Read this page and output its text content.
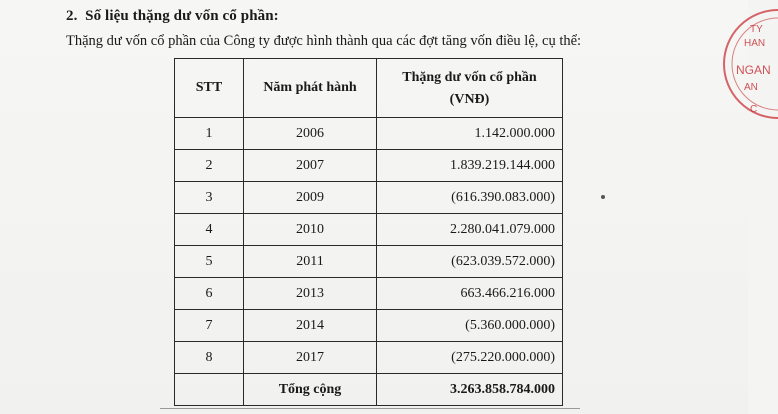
2. Số liệu thặng dư vốn cổ phần:
Thặng dư vốn cổ phần của Công ty được hình thành qua các đợt tăng vốn điều lệ, cụ thể:
STT	Năm phát hành	Thặng dư vốn cổ phần
(VNĐ)

1	2006	1.142.000.000
2	2007	1.839.219.144.000
3	2009	(616.390.083.000)
4	2010	2.280.041.079.000
5	2011	(623.039.572.000)
6	2013	663.466.216.000
7	2014	(5.360.000.000)
8	2017	(275.220.000.000)
	Tổng cộng	3.263.858.784.000
TY
HAN
NGAN
AN
C
